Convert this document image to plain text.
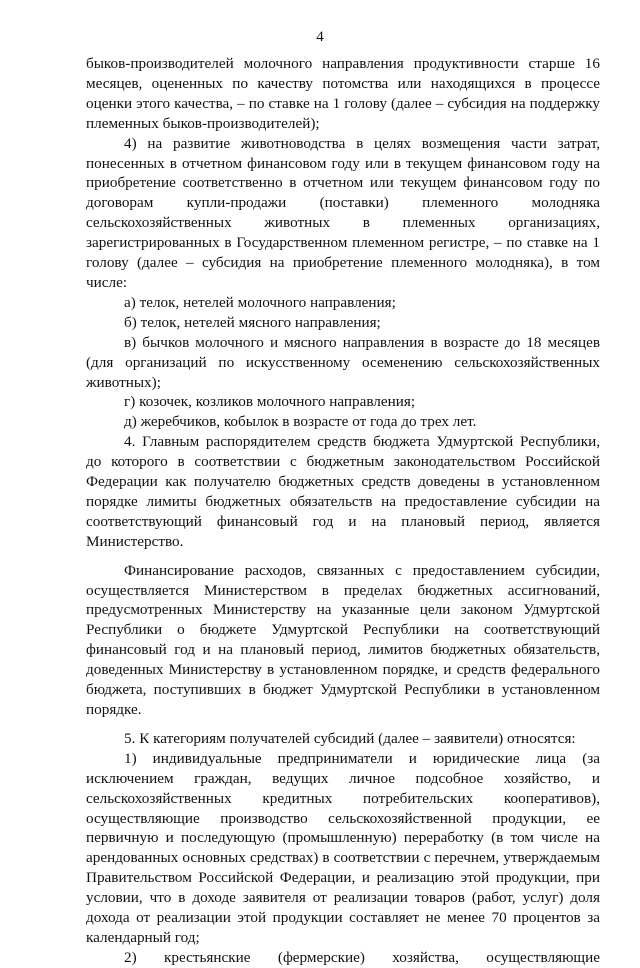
4

быков-производителей молочного направления продуктивности старше 16 месяцев, оцененных по качеству потомства или находящихся в процессе оценки этого качества, – по ставке на 1 голову (далее – субсидия на поддержку племенных быков-производителей);

4) на развитие животноводства в целях возмещения части затрат, понесенных в отчетном финансовом году или в текущем финансовом году на приобретение соответственно в отчетном или текущем финансовом году по договорам купли-продажи (поставки) племенного молодняка сельскохозяйственных животных в племенных организациях, зарегистрированных в Государственном племенном регистре, – по ставке на 1 голову (далее – субсидия на приобретение племенного молодняка), в том числе:

а) телок, нетелей молочного направления;

б) телок, нетелей мясного направления;

в) бычков молочного и мясного направления в возрасте до 18 месяцев (для организаций по искусственному осеменению сельскохозяйственных животных);

г) козочек, козликов молочного направления;

д) жеребчиков, кобылок в возрасте от года до трех лет.

4. Главным распорядителем средств бюджета Удмуртской Республики, до которого в соответствии с бюджетным законодательством Российской Федерации как получателю бюджетных средств доведены в установленном порядке лимиты бюджетных обязательств на предоставление субсидии на соответствующий финансовый год и на плановый период, является Министерство.

Финансирование расходов, связанных с предоставлением субсидии, осуществляется Министерством в пределах бюджетных ассигнований, предусмотренных Министерству на указанные цели законом Удмуртской Республики о бюджете Удмуртской Республики на соответствующий финансовый год и на плановый период, лимитов бюджетных обязательств, доведенных Министерству в установленном порядке, и средств федерального бюджета, поступивших в бюджет Удмуртской Республики в установленном порядке.

5. К категориям получателей субсидий (далее – заявители) относятся:

1) индивидуальные предприниматели и юридические лица (за исключением граждан, ведущих личное подсобное хозяйство, и сельскохозяйственных кредитных потребительских кооперативов), осуществляющие производство сельскохозяйственной продукции, ее первичную и последующую (промышленную) переработку (в том числе на арендованных основных средствах) в соответствии с перечнем, утверждаемым Правительством Российской Федерации, и реализацию этой продукции, при условии, что в доходе заявителя от реализации товаров (работ, услуг) доля дохода от реализации этой продукции составляет не менее 70 процентов за календарный год;

2) крестьянские (фермерские) хозяйства, осуществляющие
